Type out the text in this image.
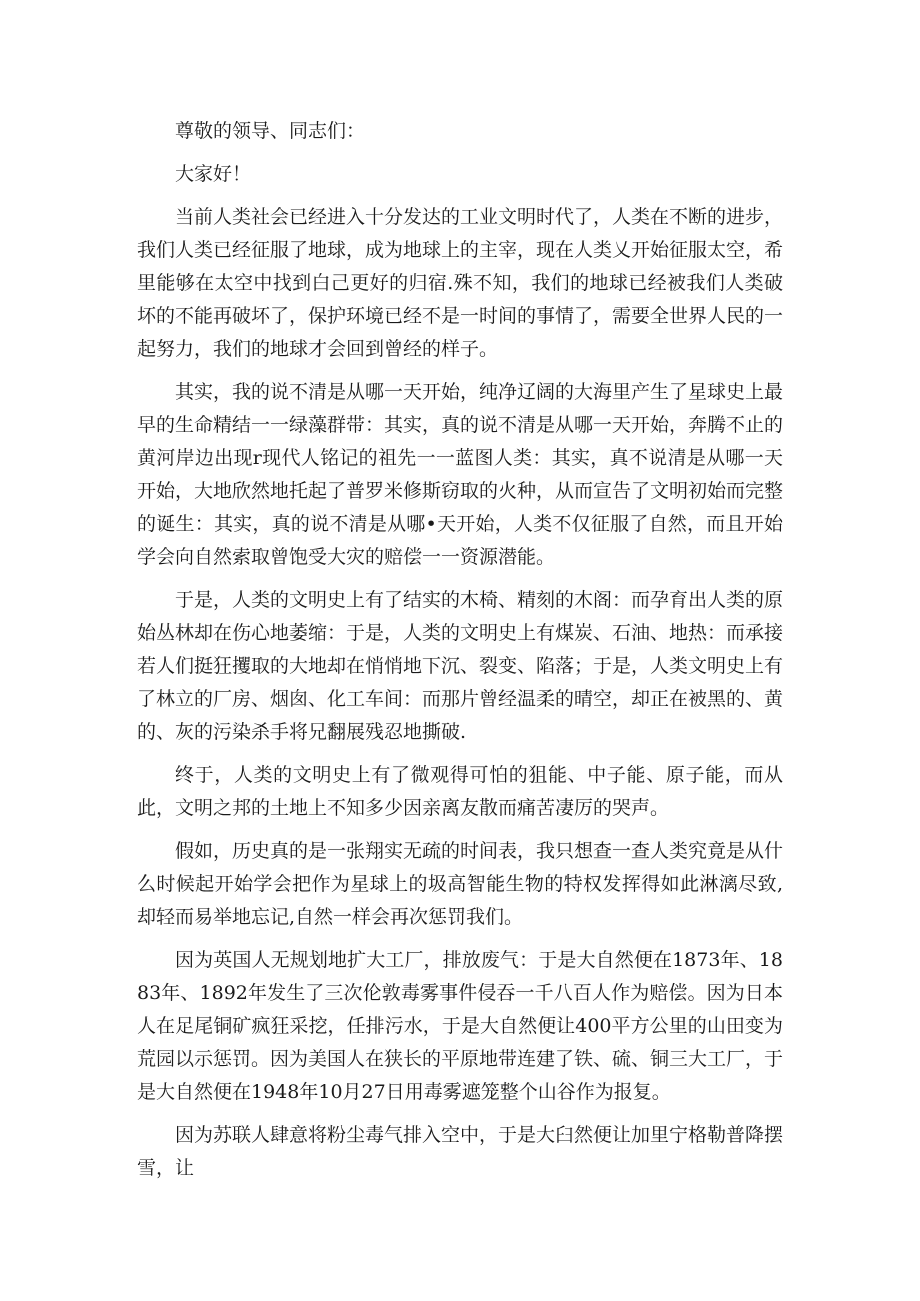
尊敬的领导、同志们：

大家好！

当前人类社会已经进入十分发达的工业文明时代了，人类在不断的进步，我们人类已经征服了地球，成为地球上的主宰，现在人类乂开始征服太空，希里能够在太空中找到白己更好的归宿.殊不知，我们的地球已经被我们人类破坏的不能再破坏了，保护环境已经不是一时间的事情了，需要全世界人民的一起努力，我们的地球才会回到曾经的样子。

其实，我的说不清是从哪一天开始，纯净辽阔的大海里产生了星球史上最早的生命精结一一绿藻群带：其实，真的说不清是从哪一天开始，奔腾不止的黄河岸边出现r现代人铭记的祖先一一蓝图人类：其实，真不说清是从哪一天开始，大地欣然地托起了普罗米修斯窃取的火种，从而宣告了文明初始而完整的诞生：其实，真的说不清是从哪•天开始，人类不仅征服了自然，而且开始学会向自然索取曾饱受大灾的赔偿一一资源潜能。

于是，人类的文明史上有了结实的木椅、精刻的木阁：而孕育出人类的原始丛林却在伤心地萎缩：于是，人类的文明史上有煤炭、石油、地热：而承接若人们挺狂攫取的大地却在悄悄地下沉、裂变、陷落；于是，人类文明史上有了林立的厂房、烟囱、化工车间：而那片曾经温柔的晴空，却正在被黑的、黄的、灰的污染杀手将兄翻展残忍地撕破.

终于，人类的文明史上有了微观得可怕的狙能、中子能、原子能，而从此，文明之邦的土地上不知多少因亲离友散而痛苦凄厉的哭声。

假如，历史真的是一张翔实无疏的时间表，我只想查一查人类究竟是从什么时候起开始学会把作为星球上的圾高智能生物的特权发挥得如此淋漓尽致,却轻而易举地忘记,自然一样会再次惩罚我们。

因为英国人无规划地扩大工厂，排放废气：于是大自然便在1873年、1883年、1892年发生了三次伦敦毒雾事件侵吞一千八百人作为赔偿。因为日本人在足尾铜矿疯狂采挖，任排污水，于是大自然便让400平方公里的山田变为荒园以示惩罚。因为美国人在狭长的平原地带连建了铁、硫、铜三大工厂，于是大自然便在1948年10月27日用毒雾遮笼整个山谷作为报复。

因为苏联人肆意将粉尘毒气排入空中，于是大臼然便让加里宁格勒普降摆雪，让
